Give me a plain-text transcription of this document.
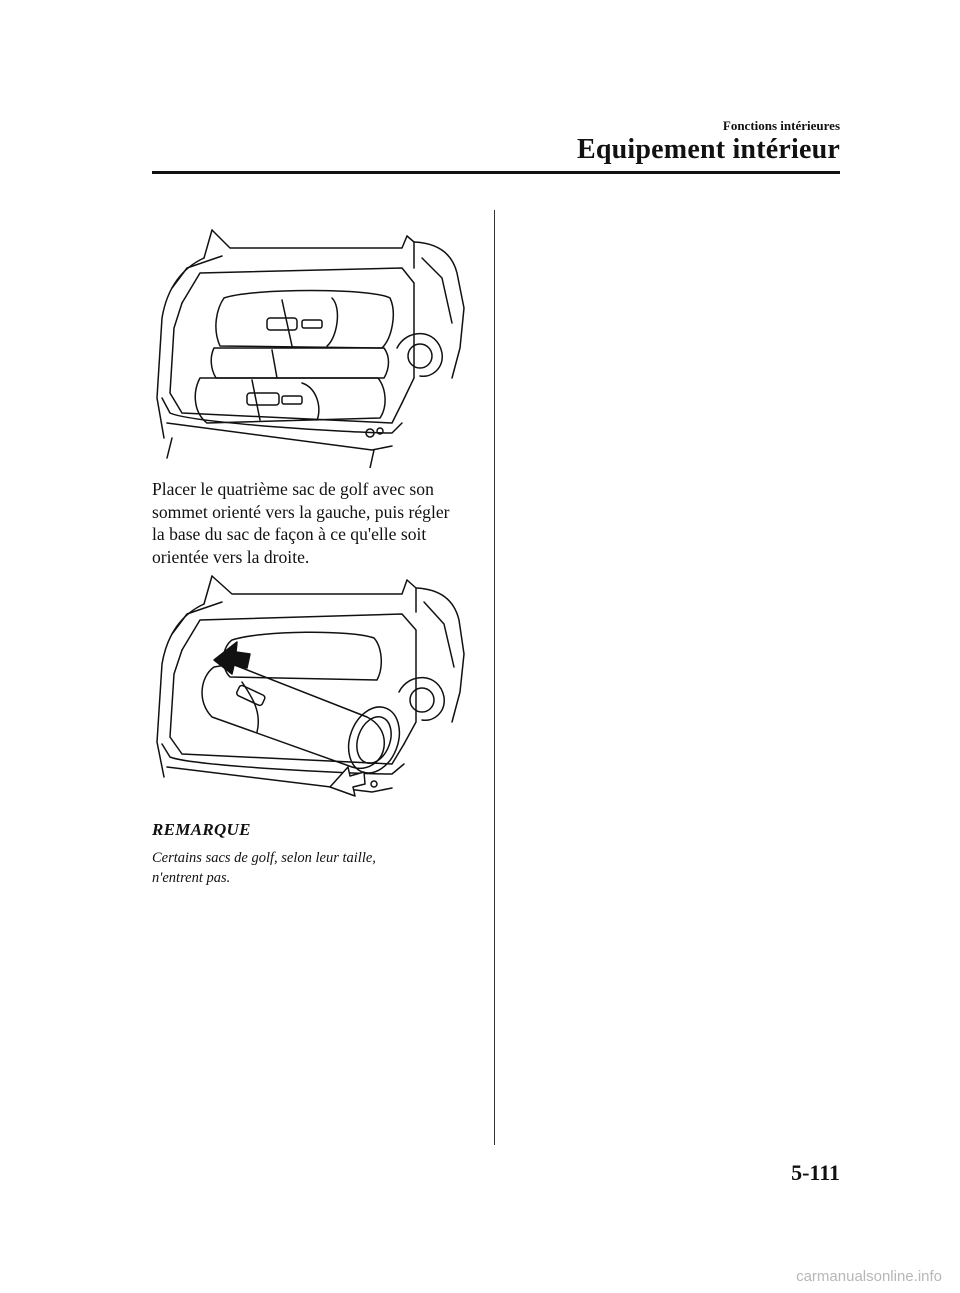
Fonctions intérieures
Equipement intérieur
Placer le quatrième sac de golf avec son
sommet orienté vers la gauche, puis régler
la base du sac de façon à ce qu'elle soit
orientée vers la droite.
REMARQUE
Certains sacs de golf, selon leur taille,
n'entrent pas.
5-111
carmanualsonline.info
